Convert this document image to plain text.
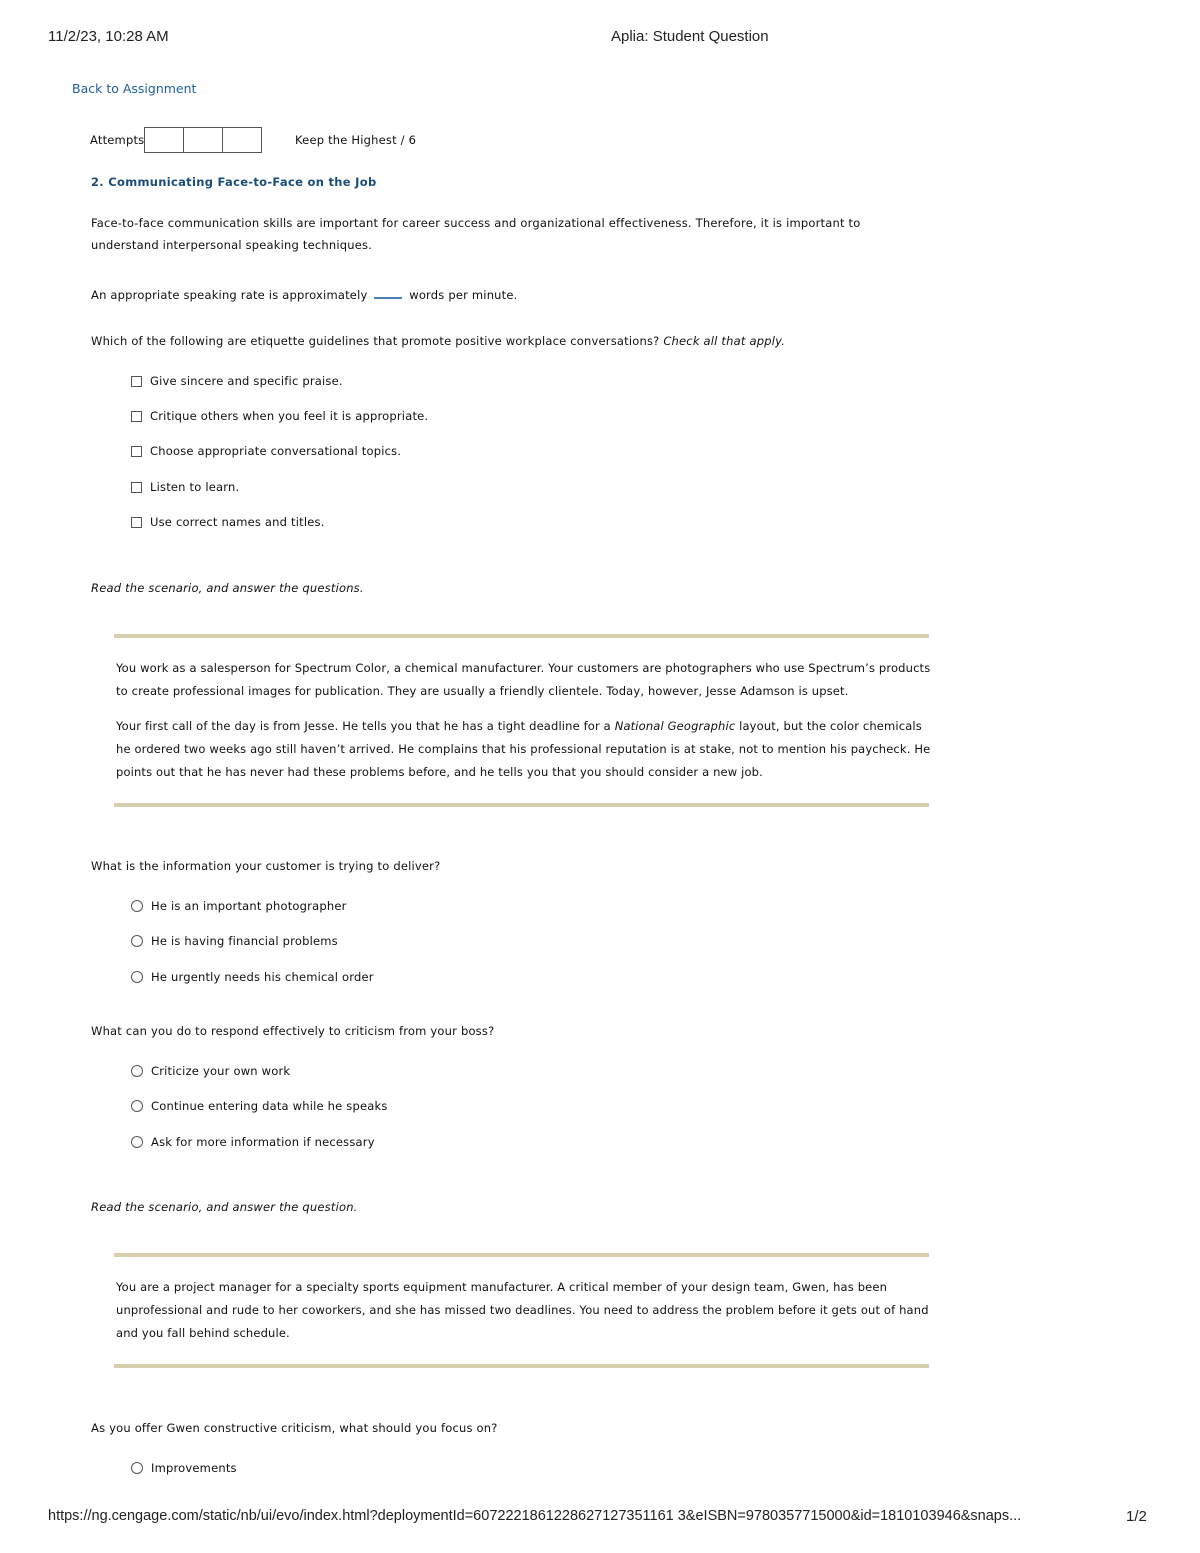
11/2/23, 10:28 AM	Aplia: Student Question
Back to Assignment
Attempts	Keep the Highest / 6
2. Communicating Face-to-Face on the Job
Face-to-face communication skills are important for career success and organizational effectiveness. Therefore, it is important to understand interpersonal speaking techniques.
An appropriate speaking rate is approximately	words per minute.
Which of the following are etiquette guidelines that promote positive workplace conversations? Check all that apply.
Give sincere and specific praise.
Critique others when you feel it is appropriate.
Choose appropriate conversational topics.
Listen to learn.
Use correct names and titles.
Read the scenario, and answer the questions.

You work as a salesperson for Spectrum Color, a chemical manufacturer. Your customers are photographers who use Spectrum’s products to create professional images for publication. They are usually a friendly clientele. Today, however, Jesse Adamson is upset.

Your first call of the day is from Jesse. He tells you that he has a tight deadline for a National Geographic layout, but the color chemicals he ordered two weeks ago still haven’t arrived. He complains that his professional reputation is at stake, not to mention his paycheck. He points out that he has never had these problems before, and he tells you that you should consider a new job.

What is the information your customer is trying to deliver?
He is an important photographer
He is having financial problems
He urgently needs his chemical order
What can you do to respond effectively to criticism from your boss?
Criticize your own work
Continue entering data while he speaks
Ask for more information if necessary
Read the scenario, and answer the question.

You are a project manager for a specialty sports equipment manufacturer. A critical member of your design team, Gwen, has been unprofessional and rude to her coworkers, and she has missed two deadlines. You need to address the problem before it gets out of hand and you fall behind schedule.

As you offer Gwen constructive criticism, what should you focus on?
Improvements
https://ng.cengage.com/static/nb/ui/evo/index.html?deploymentId=6072221861228627127351161 3&eISBN=9780357715000&id=1810103946&snaps...	1/2
